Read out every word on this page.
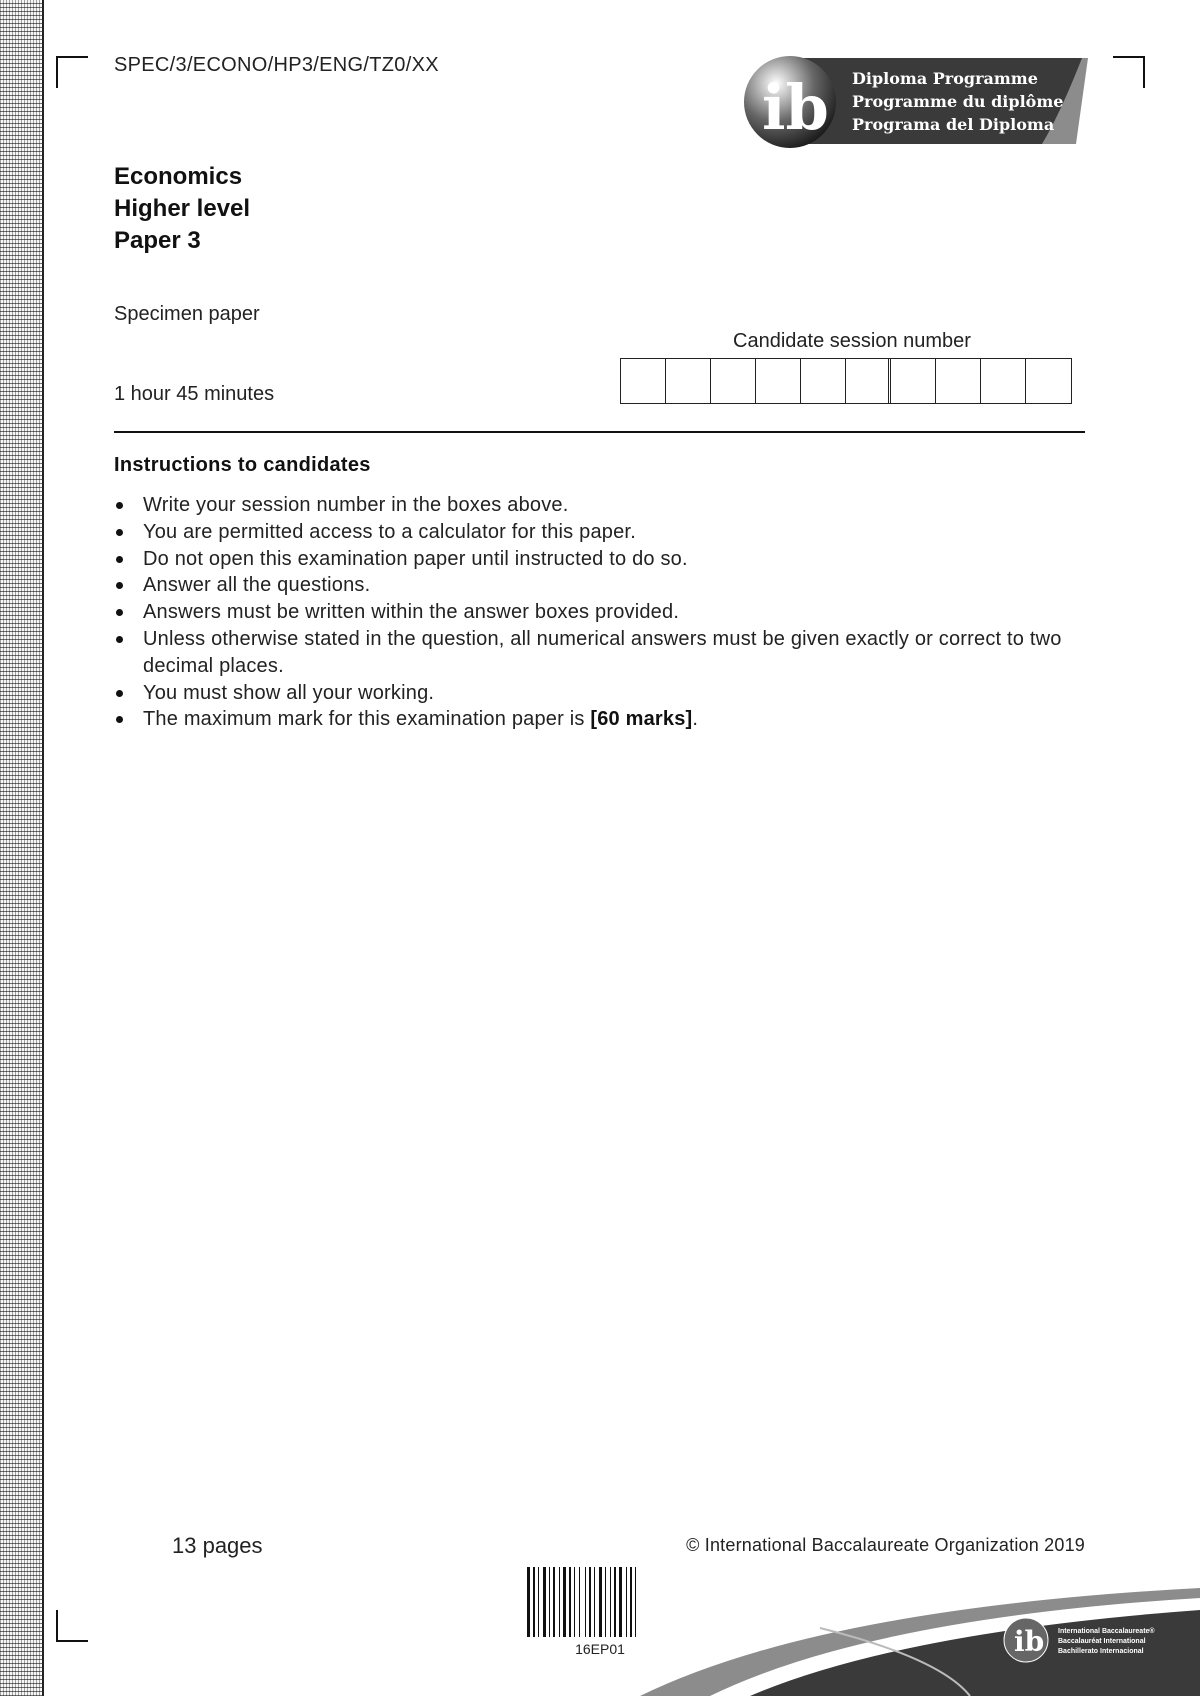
SPEC/3/ECONO/HP3/ENG/TZ0/XX
ib Diploma Programme
Programme du diplôme
Programa del Diploma
Economics
Higher level
Paper 3
Specimen paper
1 hour 45 minutes
Candidate session number
Instructions to candidates
Write your session number in the boxes above.
You are permitted access to a calculator for this paper.
Do not open this examination paper until instructed to do so.
Answer all the questions.
Answers must be written within the answer boxes provided.
Unless otherwise stated in the question, all numerical answers must be given exactly or correct to two decimal places.
You must show all your working.
The maximum mark for this examination paper is [60 marks].
13 pages	© International Baccalaureate Organization 2019
16EP01	ib International Baccalaureate®
Baccalauréat International
Bachillerato Internacional
